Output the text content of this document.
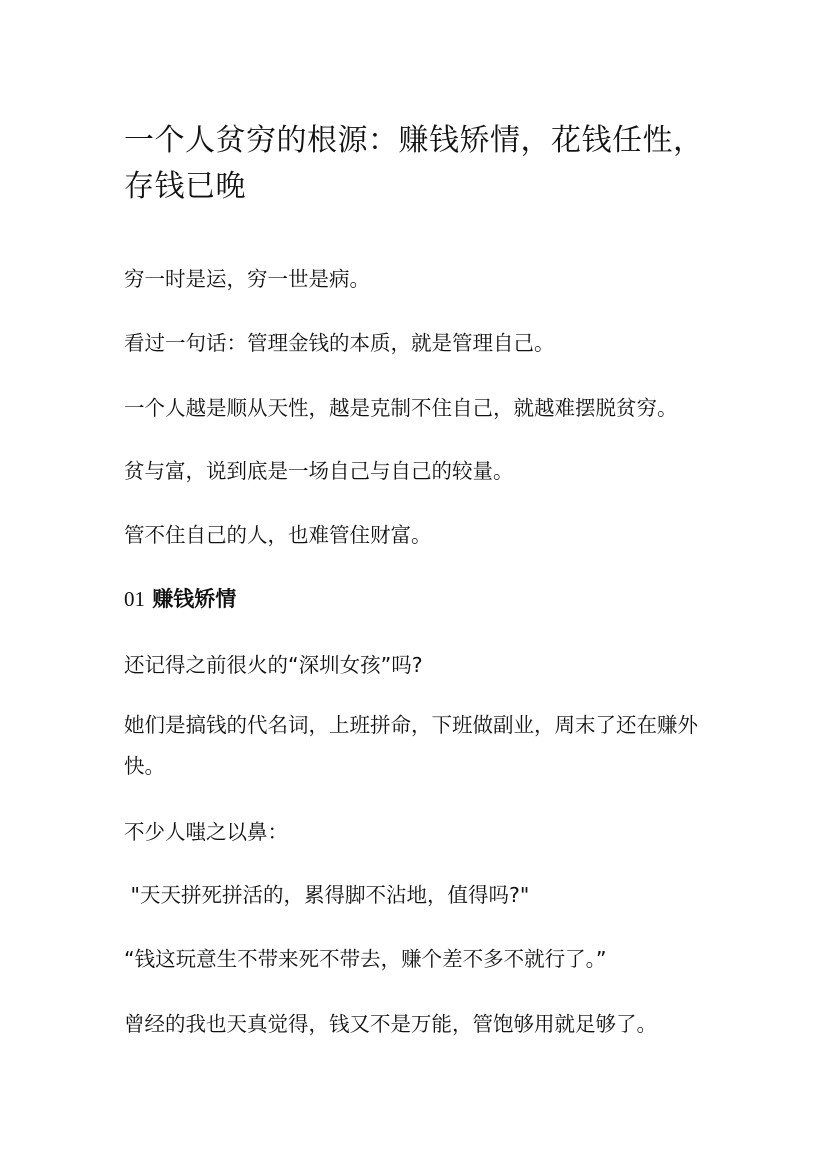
一个人贫穷的根源：赚钱矫情，花钱任性，存钱已晚

穷一时是运，穷一世是病。

看过一句话：管理金钱的本质，就是管理自己。

一个人越是顺从天性，越是克制不住自己，就越难摆脱贫穷。

贫与富，说到底是一场自己与自己的较量。

管不住自己的人，也难管住财富。

01 赚钱矫情

还记得之前很火的“深圳女孩”吗?

她们是搞钱的代名词，上班拼命，下班做副业，周末了还在赚外快。

不少人嗤之以鼻：

"天天拼死拼活的，累得脚不沾地，值得吗?"

“钱这玩意生不带来死不带去，赚个差不多不就行了。”

曾经的我也天真觉得，钱又不是万能，管饱够用就足够了。
